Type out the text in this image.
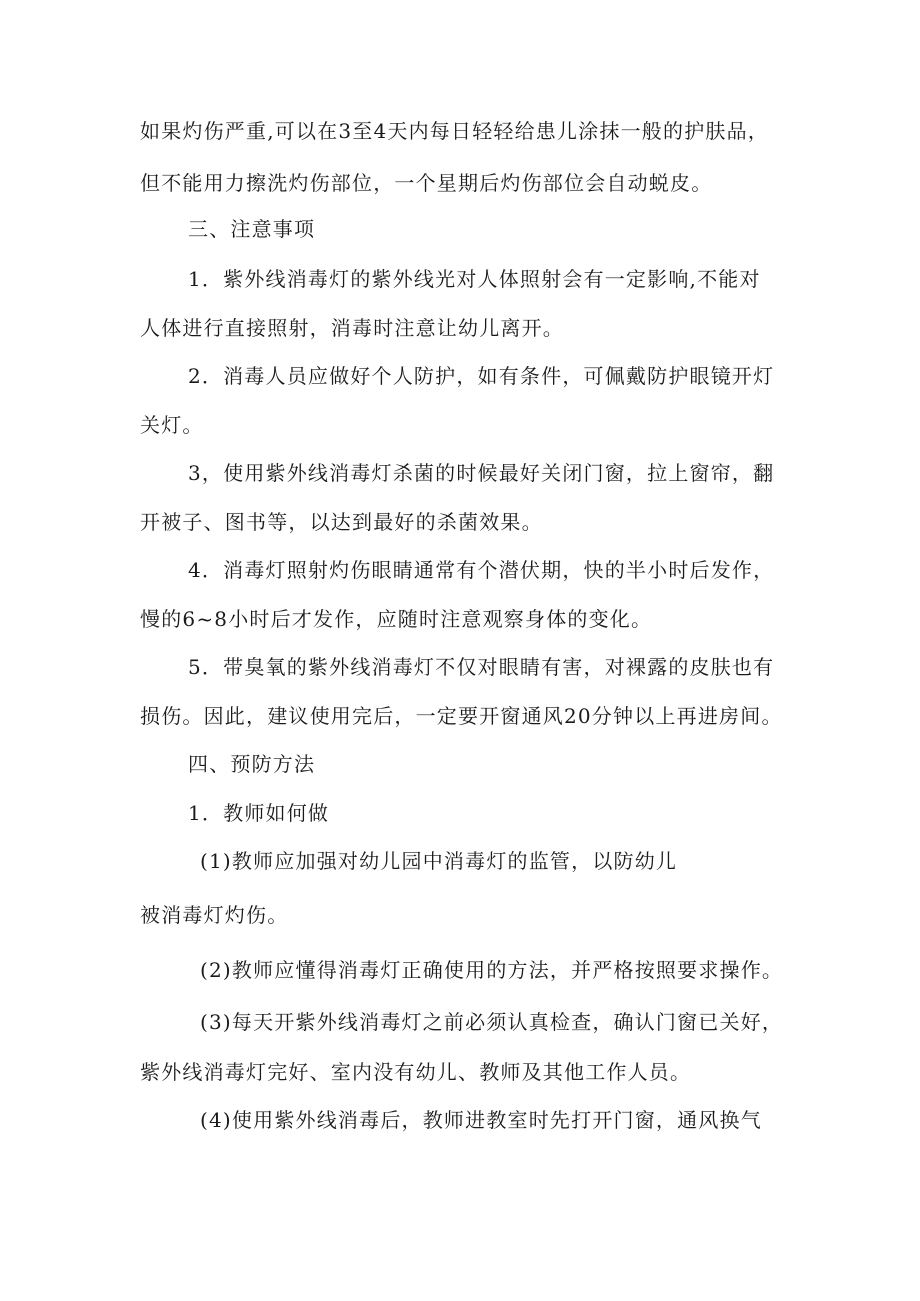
如果灼伤严重,可以在3至4天内每日轻轻给患儿涂抹一般的护肤品，
但不能用力擦洗灼伤部位，一个星期后灼伤部位会自动蜕皮。
三、注意事项
1．紫外线消毒灯的紫外线光对人体照射会有一定影响,不能对
人体进行直接照射，消毒时注意让幼儿离开。
2．消毒人员应做好个人防护，如有条件，可佩戴防护眼镜开灯
关灯。
3，使用紫外线消毒灯杀菌的时候最好关闭门窗，拉上窗帘，翻
开被子、图书等，以达到最好的杀菌效果。
4．消毒灯照射灼伤眼睛通常有个潜伏期，快的半小时后发作，
慢的6~8小时后才发作，应随时注意观察身体的变化。
5．带臭氧的紫外线消毒灯不仅对眼睛有害，对裸露的皮肤也有
损伤。因此，建议使用完后，一定要开窗通风20分钟以上再进房间。
四、预防方法
1．教师如何做
(1)教师应加强对幼儿园中消毒灯的监管，以防幼儿
被消毒灯灼伤。
(2)教师应懂得消毒灯正确使用的方法，并严格按照要求操作。
(3)每天开紫外线消毒灯之前必须认真检查，确认门窗已关好，
紫外线消毒灯完好、室内没有幼儿、教师及其他工作人员。
(4)使用紫外线消毒后，教师进教室时先打开门窗，通风换气
